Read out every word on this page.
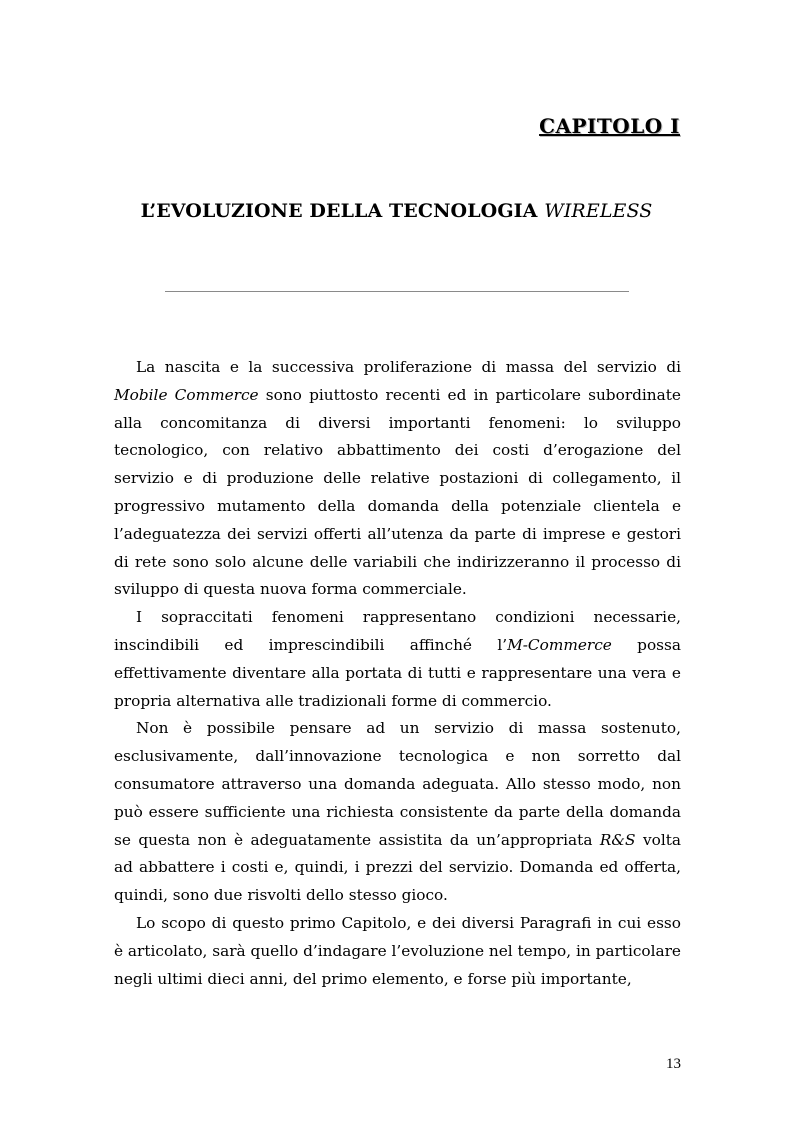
CAPITOLO I
L’EVOLUZIONE DELLA TECNOLOGIA WIRELESS

La nascita e la successiva proliferazione di massa del servizio di Mobile Commerce sono piuttosto recenti ed in particolare subordinate alla concomitanza di diversi importanti fenomeni: lo sviluppo tecnologico, con relativo abbattimento dei costi d’erogazione del servizio e di produzione delle relative postazioni di collegamento, il progressivo mutamento della domanda della potenziale clientela e l’adeguatezza dei servizi offerti all’utenza da parte di imprese e gestori di rete sono solo alcune delle variabili che indirizzeranno il processo di sviluppo di questa nuova forma commerciale.

I sopraccitati fenomeni rappresentano condizioni necessarie, inscindibili ed imprescindibili affinché l’M-Commerce possa effettivamente diventare alla portata di tutti e rappresentare una vera e propria alternativa alle tradizionali forme di commercio.

Non è possibile pensare ad un servizio di massa sostenuto, esclusivamente, dall’innovazione tecnologica e non sorretto dal consumatore attraverso una domanda adeguata. Allo stesso modo, non può essere sufficiente una richiesta consistente da parte della domanda se questa non è adeguatamente assistita da un’appropriata R&S volta ad abbattere i costi e, quindi, i prezzi del servizio. Domanda ed offerta, quindi, sono due risvolti dello stesso gioco.

Lo scopo di questo primo Capitolo, e dei diversi Paragrafi in cui esso è articolato, sarà quello d’indagare l’evoluzione nel tempo, in particolare negli ultimi dieci anni, del primo elemento, e forse più importante,

13
